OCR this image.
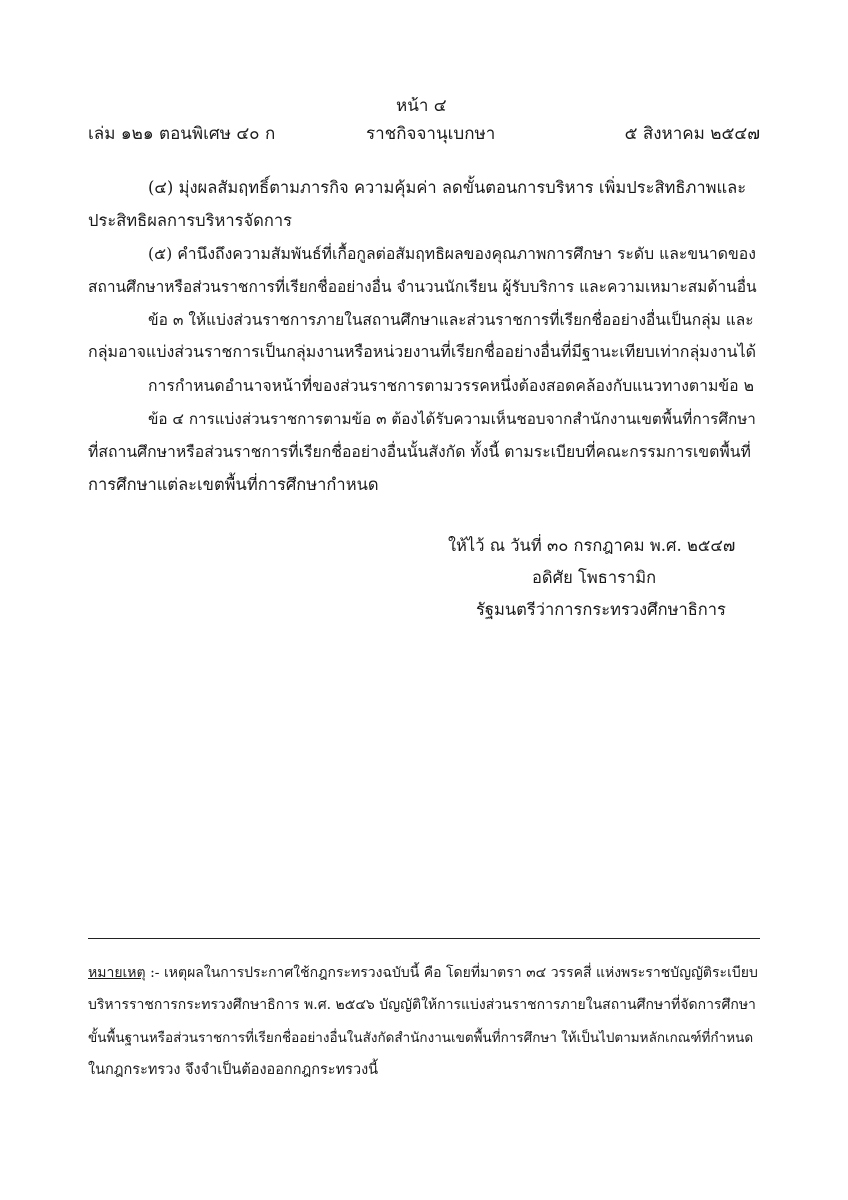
หน้า ๔
เล่ม ๑๒๑ ตอนพิเศษ ๔๐ ก	ราชกิจจานุเบกษา	๕ สิงหาคม ๒๕๔๗
(๔) มุ่งผลสัมฤทธิ์ตามภารกิจ ความคุ้มค่า ลดขั้นตอนการบริหาร เพิ่มประสิทธิภาพและ
ประสิทธิผลการบริหารจัดการ
(๕) คำนึงถึงความสัมพันธ์ที่เกื้อกูลต่อสัมฤทธิผลของคุณภาพการศึกษา ระดับ และขนาดของ
สถานศึกษาหรือส่วนราชการที่เรียกชื่ออย่างอื่น จำนวนนักเรียน ผู้รับบริการ และความเหมาะสมด้านอื่น
ข้อ ๓ ให้แบ่งส่วนราชการภายในสถานศึกษาและส่วนราชการที่เรียกชื่ออย่างอื่นเป็นกลุ่ม และ
กลุ่มอาจแบ่งส่วนราชการเป็นกลุ่มงานหรือหน่วยงานที่เรียกชื่ออย่างอื่นที่มีฐานะเทียบเท่ากลุ่มงานได้
การกำหนดอำนาจหน้าที่ของส่วนราชการตามวรรคหนึ่งต้องสอดคล้องกับแนวทางตามข้อ ๒
ข้อ ๔ การแบ่งส่วนราชการตามข้อ ๓ ต้องได้รับความเห็นชอบจากสำนักงานเขตพื้นที่การศึกษา
ที่สถานศึกษาหรือส่วนราชการที่เรียกชื่ออย่างอื่นนั้นสังกัด ทั้งนี้ ตามระเบียบที่คณะกรรมการเขตพื้นที่
การศึกษาแต่ละเขตพื้นที่การศึกษากำหนด
ให้ไว้ ณ วันที่ ๓๐ กรกฎาคม พ.ศ. ๒๕๔๗
อดิศัย โพธารามิก
รัฐมนตรีว่าการกระทรวงศึกษาธิการ
หมายเหตุ :- เหตุผลในการประกาศใช้กฎกระทรวงฉบับนี้ คือ โดยที่มาตรา ๓๔ วรรคสี่ แห่งพระราชบัญญัติระเบียบ
บริหารราชการกระทรวงศึกษาธิการ พ.ศ. ๒๕๔๖ บัญญัติให้การแบ่งส่วนราชการภายในสถานศึกษาที่จัดการศึกษา
ขั้นพื้นฐานหรือส่วนราชการที่เรียกชื่ออย่างอื่นในสังกัดสำนักงานเขตพื้นที่การศึกษา ให้เป็นไปตามหลักเกณฑ์ที่กำหนด
ในกฎกระทรวง จึงจำเป็นต้องออกกฎกระทรวงนี้
